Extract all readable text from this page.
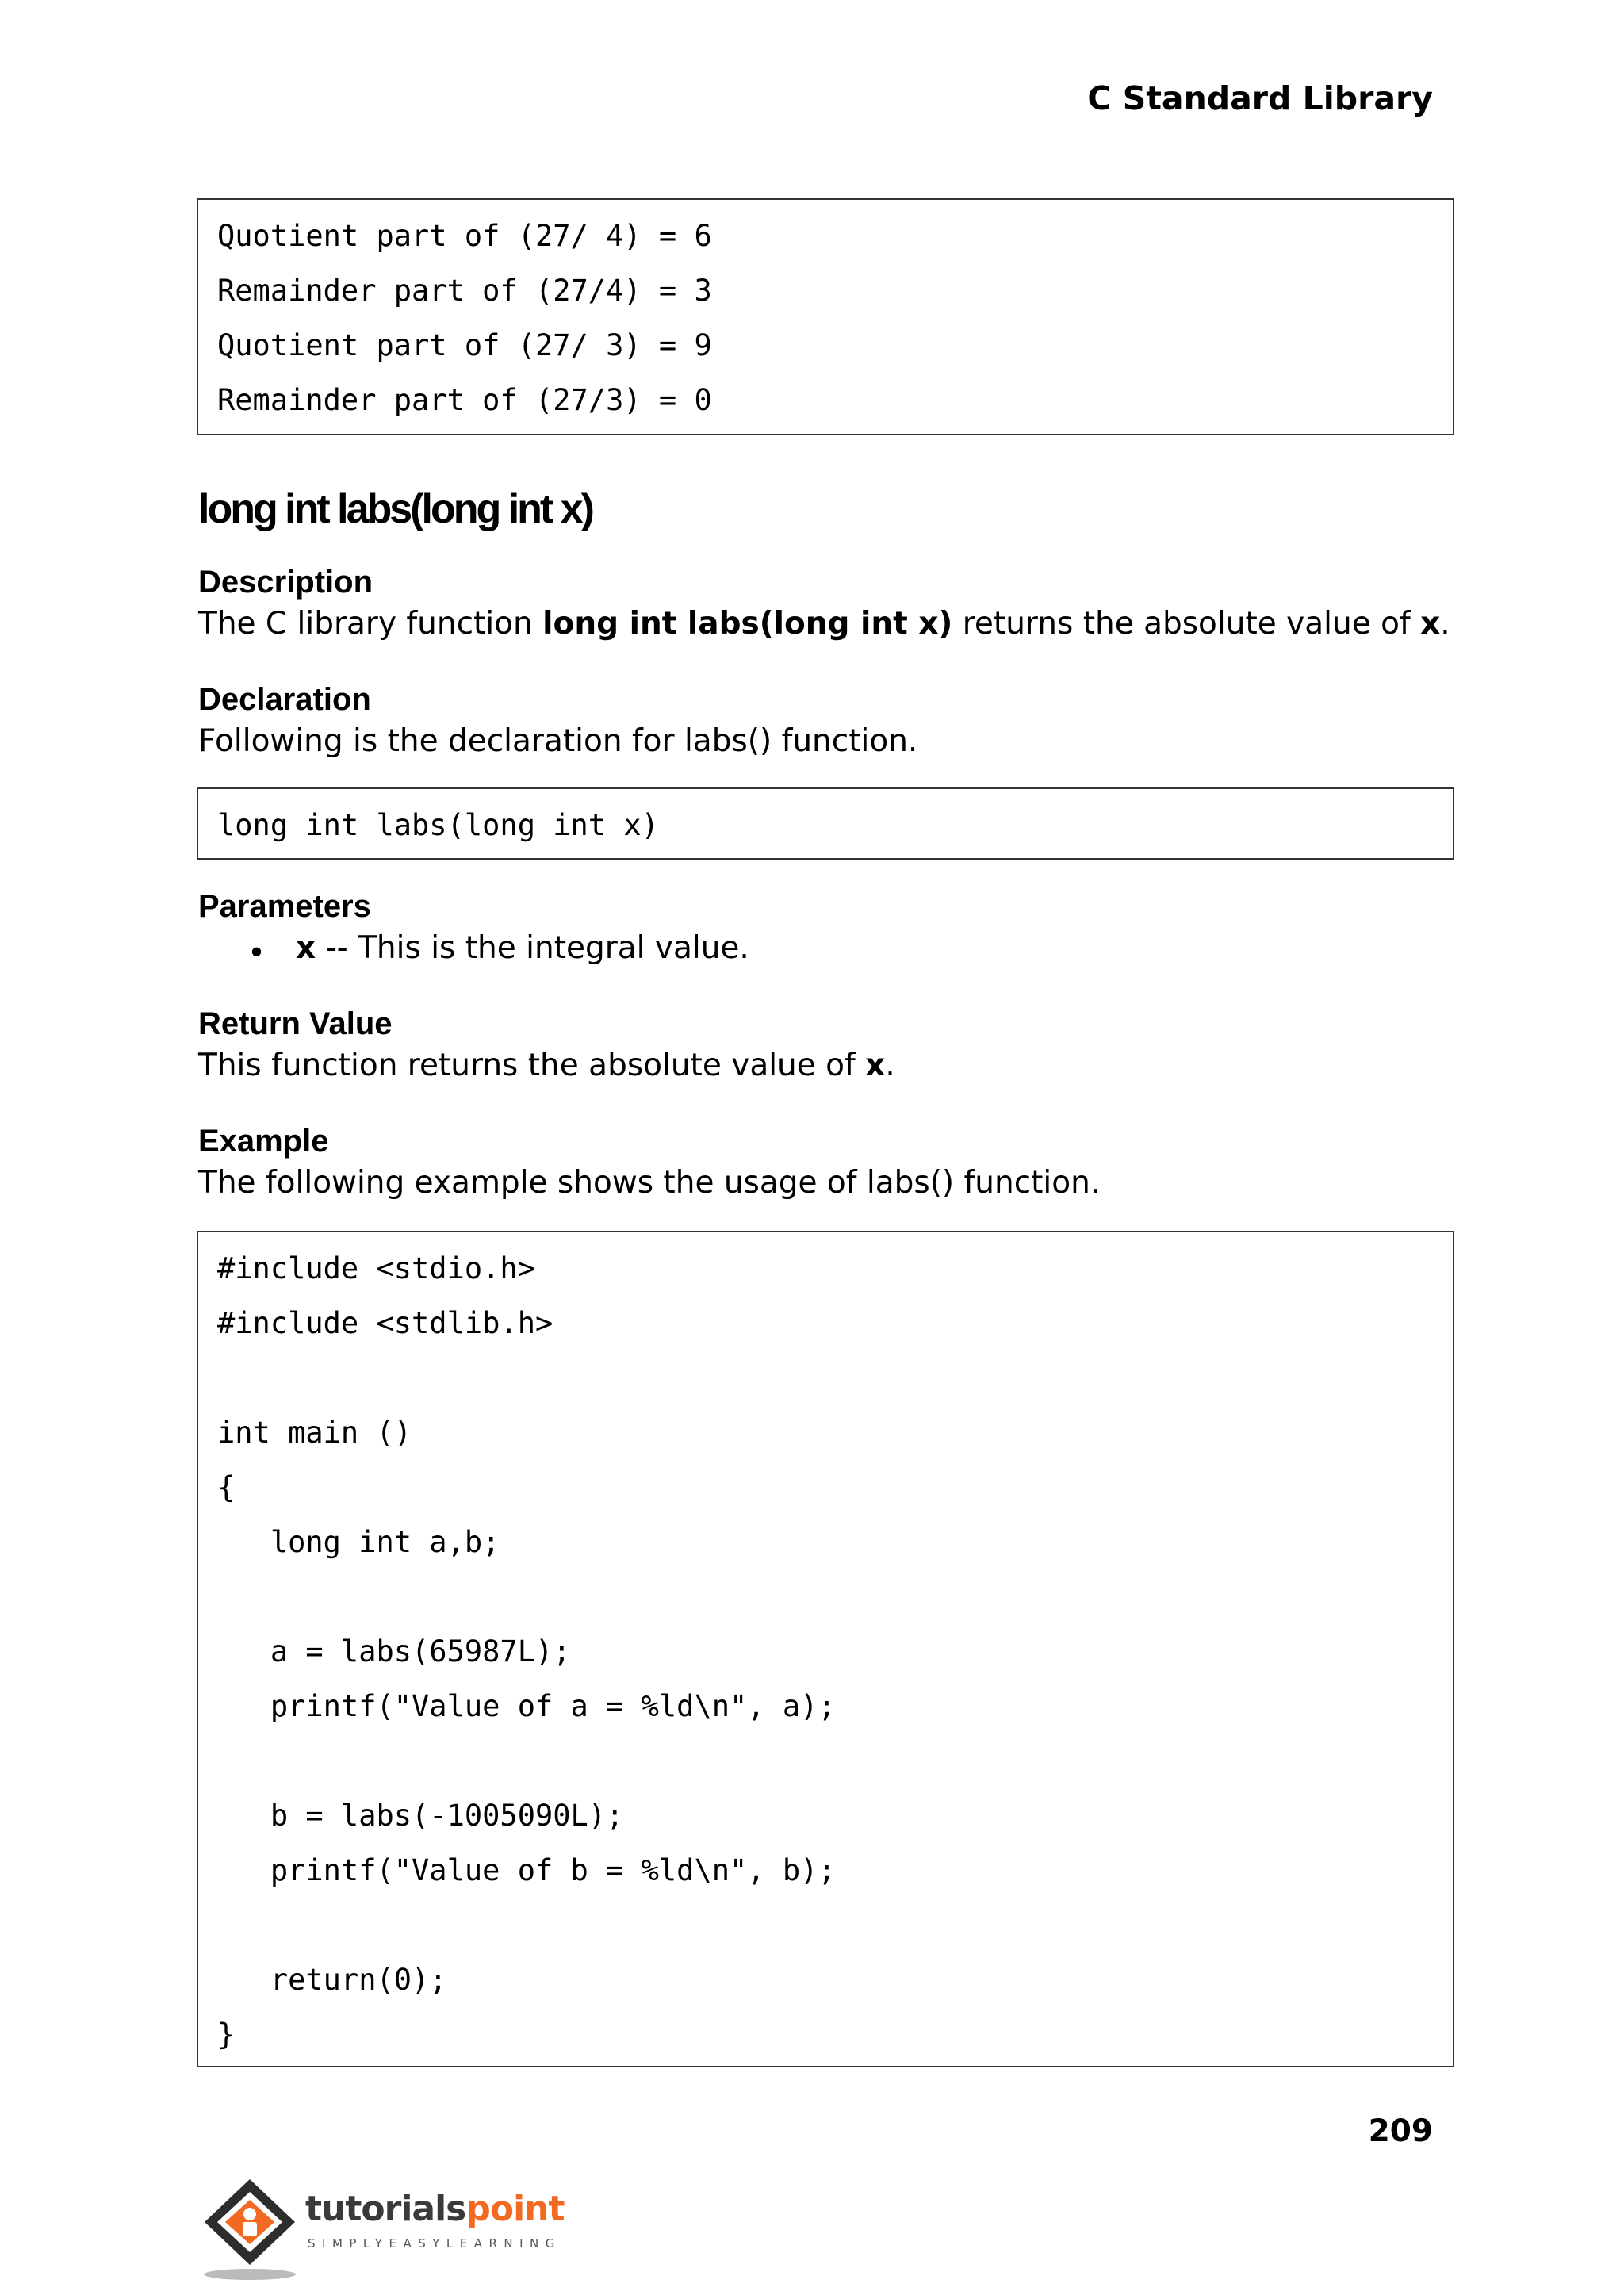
C Standard Library
Quotient part of (27/ 4) = 6
Remainder part of (27/4) = 3
Quotient part of (27/ 3) = 9
Remainder part of (27/3) = 0
long int labs(long int x)
Description

The C library function long int labs(long int x) returns the absolute value of x.

Declaration

Following is the declaration for labs() function.

long int labs(long int x)
Parameters
• x -- This is the integral value.

Return Value

This function returns the absolute value of x.

Example

The following example shows the usage of labs() function.

#include <stdio.h>
#include <stdlib.h>
int main ()
{
long int a,b;
a = labs(65987L);
printf("Value of a = %ld\n", a);
b = labs(-1005090L);
printf("Value of b = %ld\n", b);
return(0);
}
209
tutorialspoint
SIMPLYEASYLEARNING
